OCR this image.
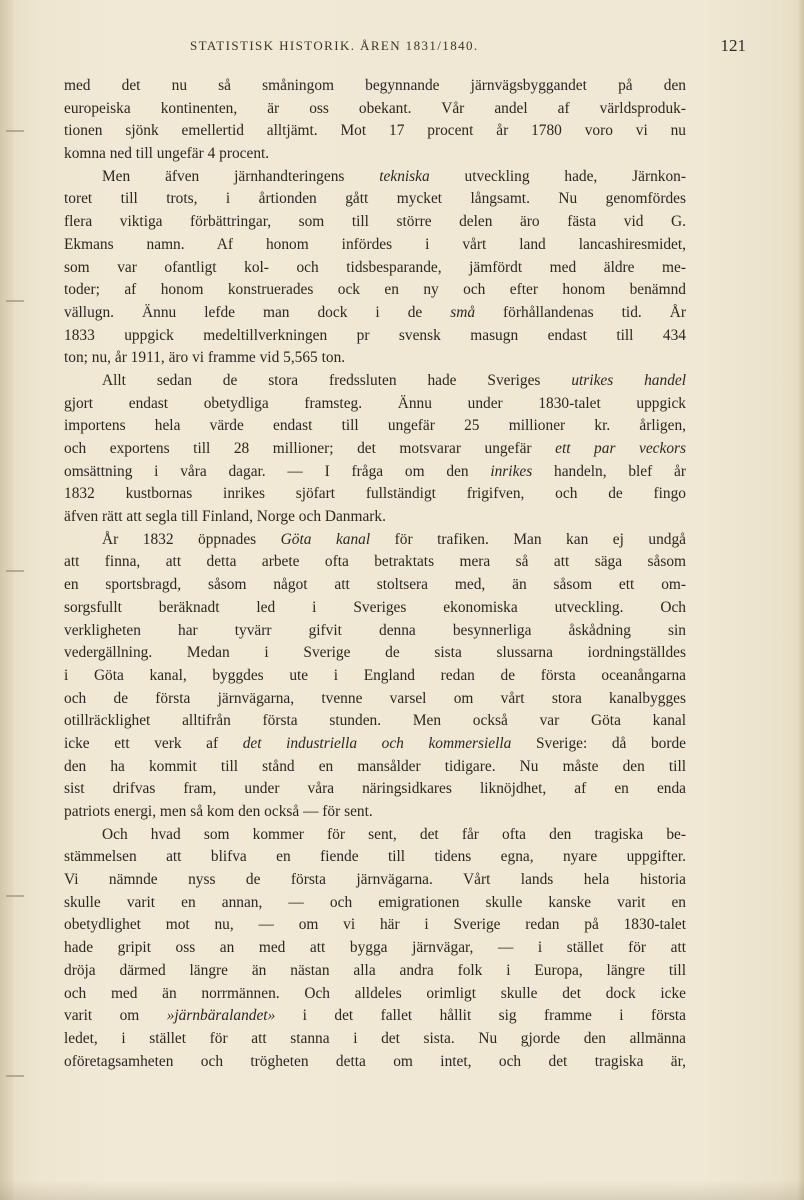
STATISTISK HISTORIK. ÅREN 1831/1840.	121
med det nu så småningom begynnande järnvägsbyggandet på den
europeiska kontinenten, är oss obekant. Vår andel af världsproduk-
tionen sjönk emellertid alltjämt. Mot 17 procent år 1780 voro vi nu
komna ned till ungefär 4 procent.
Men äfven järnhandteringens tekniska utveckling hade, Järnkon-
toret till trots, i årtionden gått mycket långsamt. Nu genomfördes
flera viktiga förbättringar, som till större delen äro fästa vid G.
Ekmans namn. Af honom infördes i vårt land lancashiresmidet,
som var ofantligt kol- och tidsbesparande, jämfördt med äldre me-
toder; af honom konstruerades ock en ny och efter honom benämnd
vällugn. Ännu lefde man dock i de små förhållandenas tid. År
1833 uppgick medeltillverkningen pr svensk masugn endast till 434
ton; nu, år 1911, äro vi framme vid 5,565 ton.
Allt sedan de stora fredssluten hade Sveriges utrikes handel
gjort endast obetydliga framsteg. Ännu under 1830-talet uppgick
importens hela värde endast till ungefär 25 millioner kr. årligen,
och exportens till 28 millioner; det motsvarar ungefär ett par veckors
omsättning i våra dagar. — I fråga om den inrikes handeln, blef år
1832 kustbornas inrikes sjöfart fullständigt frigifven, och de fingo
äfven rätt att segla till Finland, Norge och Danmark.
År 1832 öppnades Göta kanal för trafiken. Man kan ej undgå
att finna, att detta arbete ofta betraktats mera så att säga såsom
en sportsbragd, såsom något att stoltsera med, än såsom ett om-
sorgsfullt beräknadt led i Sveriges ekonomiska utveckling. Och
verkligheten har tyvärr gifvit denna besynnerliga åskådning sin
vedergällning. Medan i Sverige de sista slussarna iordningställdes
i Göta kanal, byggdes ute i England redan de första oceanångarna
och de första järnvägarna, tvenne varsel om vårt stora kanalbygges
otillräcklighet alltifrån första stunden. Men också var Göta kanal
icke ett verk af det industriella och kommersiella Sverige: då borde
den ha kommit till stånd en mansålder tidigare. Nu måste den till
sist drifvas fram, under våra näringsidkares liknöjdhet, af en enda
patriots energi, men så kom den också — för sent.
Och hvad som kommer för sent, det får ofta den tragiska be-
stämmelsen att blifva en fiende till tidens egna, nyare uppgifter.
Vi nämnde nyss de första järnvägarna. Vårt lands hela historia
skulle varit en annan, — och emigrationen skulle kanske varit en
obetydlighet mot nu, — om vi här i Sverige redan på 1830-talet
hade gripit oss an med att bygga järnvägar, — i stället för att
dröja därmed längre än nästan alla andra folk i Europa, längre till
och med än norrmännen. Och alldeles orimligt skulle det dock icke
varit om »järnbäralandet» i det fallet hållit sig framme i första
ledet, i stället för att stanna i det sista. Nu gjorde den allmänna
oföretagsamheten och trögheten detta om intet, och det tragiska är,
